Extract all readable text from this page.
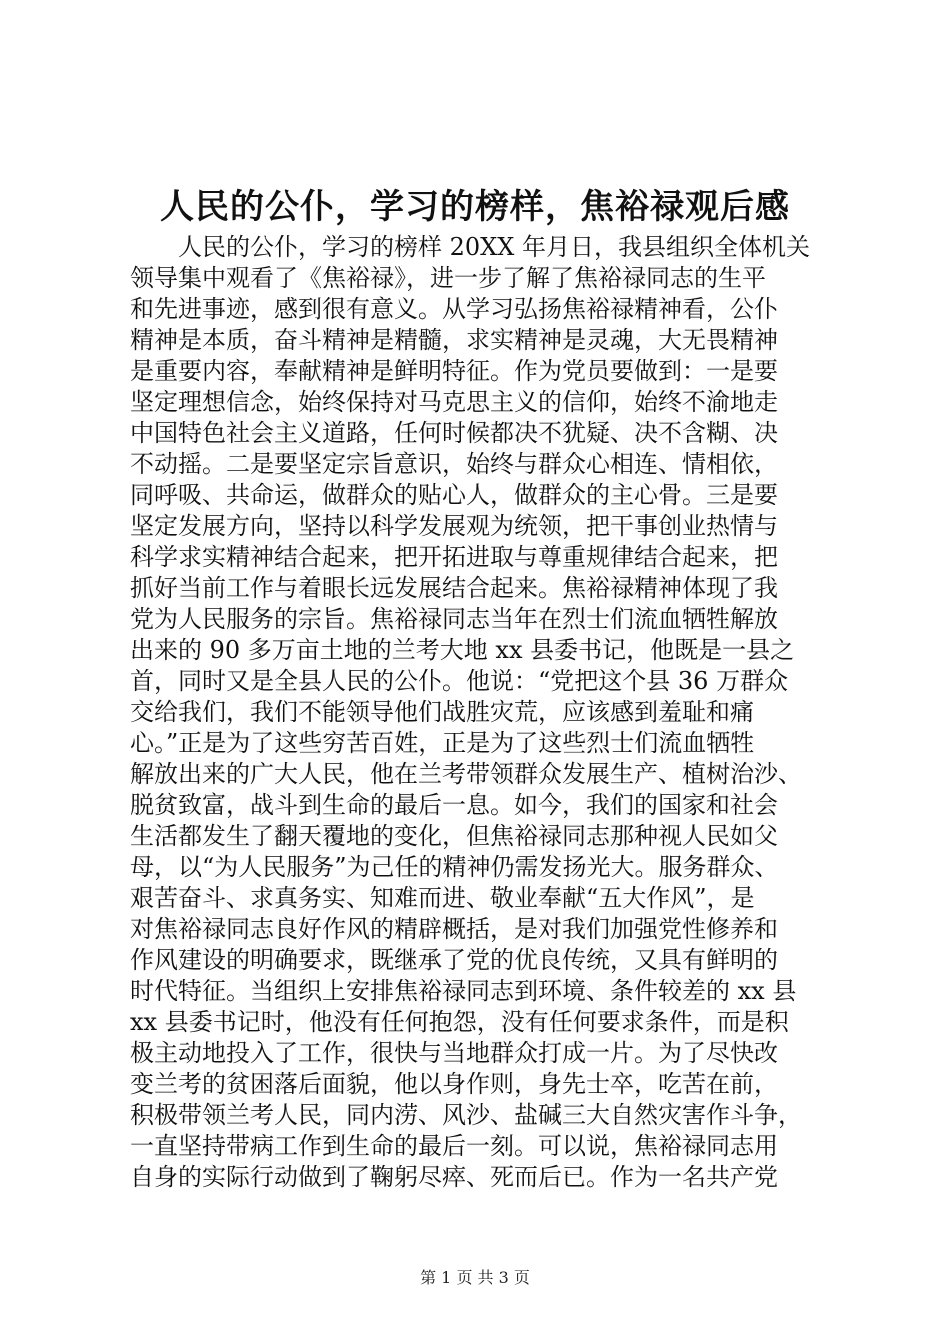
人民的公仆，学习的榜样，焦裕禄观后感
　　人民的公仆，学习的榜样 20XX 年月日，我县组织全体机关
领导集中观看了《焦裕禄》，进一步了解了焦裕禄同志的生平
和先进事迹，感到很有意义。从学习弘扬焦裕禄精神看，公仆
精神是本质，奋斗精神是精髓，求实精神是灵魂，大无畏精神
是重要内容，奉献精神是鲜明特征。作为党员要做到：一是要
坚定理想信念，始终保持对马克思主义的信仰，始终不渝地走
中国特色社会主义道路，任何时候都决不犹疑、决不含糊、决
不动摇。二是要坚定宗旨意识，始终与群众心相连、情相依，
同呼吸、共命运，做群众的贴心人，做群众的主心骨。三是要
坚定发展方向，坚持以科学发展观为统领，把干事创业热情与
科学求实精神结合起来，把开拓进取与尊重规律结合起来，把
抓好当前工作与着眼长远发展结合起来。焦裕禄精神体现了我
党为人民服务的宗旨。焦裕禄同志当年在烈士们流血牺牲解放
出来的 90 多万亩土地的兰考大地 xx 县委书记，他既是一县之
首，同时又是全县人民的公仆。他说：“党把这个县 36 万群众
交给我们，我们不能领导他们战胜灾荒，应该感到羞耻和痛
心。”正是为了这些穷苦百姓，正是为了这些烈士们流血牺牲
解放出来的广大人民，他在兰考带领群众发展生产、植树治沙、
脱贫致富，战斗到生命的最后一息。如今，我们的国家和社会
生活都发生了翻天覆地的变化，但焦裕禄同志那种视人民如父
母，以“为人民服务”为己任的精神仍需发扬光大。服务群众、
艰苦奋斗、求真务实、知难而进、敬业奉献“五大作风”，是
对焦裕禄同志良好作风的精辟概括，是对我们加强党性修养和
作风建设的明确要求，既继承了党的优良传统，又具有鲜明的
时代特征。当组织上安排焦裕禄同志到环境、条件较差的 xx 县
xx 县委书记时，他没有任何抱怨，没有任何要求条件，而是积
极主动地投入了工作，很快与当地群众打成一片。为了尽快改
变兰考的贫困落后面貌，他以身作则，身先士卒，吃苦在前，
积极带领兰考人民，同内涝、风沙、盐碱三大自然灾害作斗争，
一直坚持带病工作到生命的最后一刻。可以说，焦裕禄同志用
自身的实际行动做到了鞠躬尽瘁、死而后已。作为一名共产党
第 1 页 共 3 页
